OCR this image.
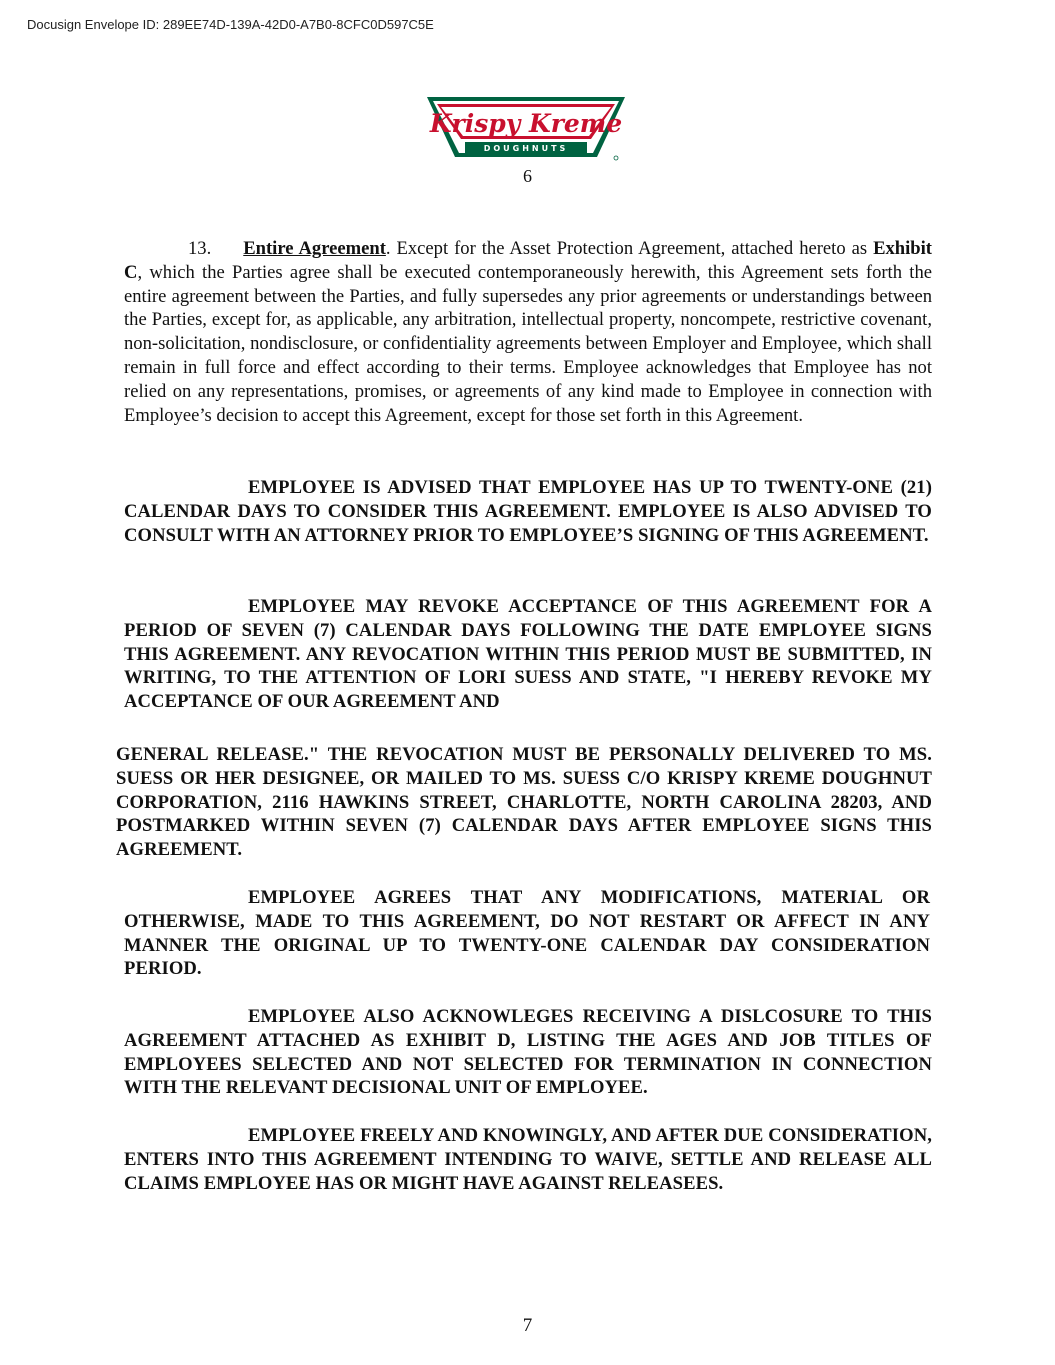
Docusign Envelope ID: 289EE74D-139A-42D0-A7B0-8CFC0D597C5E
Krispy Kreme
DOUGHNUTS
6

13. Entire Agreement. Except for the Asset Protection Agreement, attached hereto as Exhibit C, which the Parties agree shall be executed contemporaneously herewith, this Agreement sets forth the entire agreement between the Parties, and fully supersedes any prior agreements or understandings between the Parties, except for, as applicable, any arbitration, intellectual property, noncompete, restrictive covenant, non-solicitation, nondisclosure, or confidentiality agreements between Employer and Employee, which shall remain in full force and effect according to their terms. Employee acknowledges that Employee has not relied on any representations, promises, or agreements of any kind made to Employee in connection with Employee’s decision to accept this Agreement, except for those set forth in this Agreement.

EMPLOYEE IS ADVISED THAT EMPLOYEE HAS UP TO TWENTY-ONE (21) CALENDAR DAYS TO CONSIDER THIS AGREEMENT. EMPLOYEE IS ALSO ADVISED TO CONSULT WITH AN ATTORNEY PRIOR TO EMPLOYEE’S SIGNING OF THIS AGREEMENT.

EMPLOYEE MAY REVOKE ACCEPTANCE OF THIS AGREEMENT FOR A PERIOD OF SEVEN (7) CALENDAR DAYS FOLLOWING THE DATE EMPLOYEE SIGNS THIS AGREEMENT. ANY REVOCATION WITHIN THIS PERIOD MUST BE SUBMITTED, IN WRITING, TO THE ATTENTION OF LORI SUESS AND STATE, "I HEREBY REVOKE MY ACCEPTANCE OF OUR AGREEMENT AND

GENERAL RELEASE." THE REVOCATION MUST BE PERSONALLY DELIVERED TO MS. SUESS OR HER DESIGNEE, OR MAILED TO MS. SUESS C/O KRISPY KREME DOUGHNUT CORPORATION, 2116 HAWKINS STREET, CHARLOTTE, NORTH CAROLINA 28203, AND POSTMARKED WITHIN SEVEN (7) CALENDAR DAYS AFTER EMPLOYEE SIGNS THIS AGREEMENT.

EMPLOYEE AGREES THAT ANY MODIFICATIONS, MATERIAL OR OTHERWISE, MADE TO THIS AGREEMENT, DO NOT RESTART OR AFFECT IN ANY MANNER THE ORIGINAL UP TO TWENTY-ONE CALENDAR DAY CONSIDERATION PERIOD.

EMPLOYEE ALSO ACKNOWLEGES RECEIVING A DISLCOSURE TO THIS AGREEMENT ATTACHED AS EXHIBIT D, LISTING THE AGES AND JOB TITLES OF EMPLOYEES SELECTED AND NOT SELECTED FOR TERMINATION IN CONNECTION WITH THE RELEVANT DECISIONAL UNIT OF EMPLOYEE.

EMPLOYEE FREELY AND KNOWINGLY, AND AFTER DUE CONSIDERATION, ENTERS INTO THIS AGREEMENT INTENDING TO WAIVE, SETTLE AND RELEASE ALL CLAIMS EMPLOYEE HAS OR MIGHT HAVE AGAINST RELEASEES.

7
